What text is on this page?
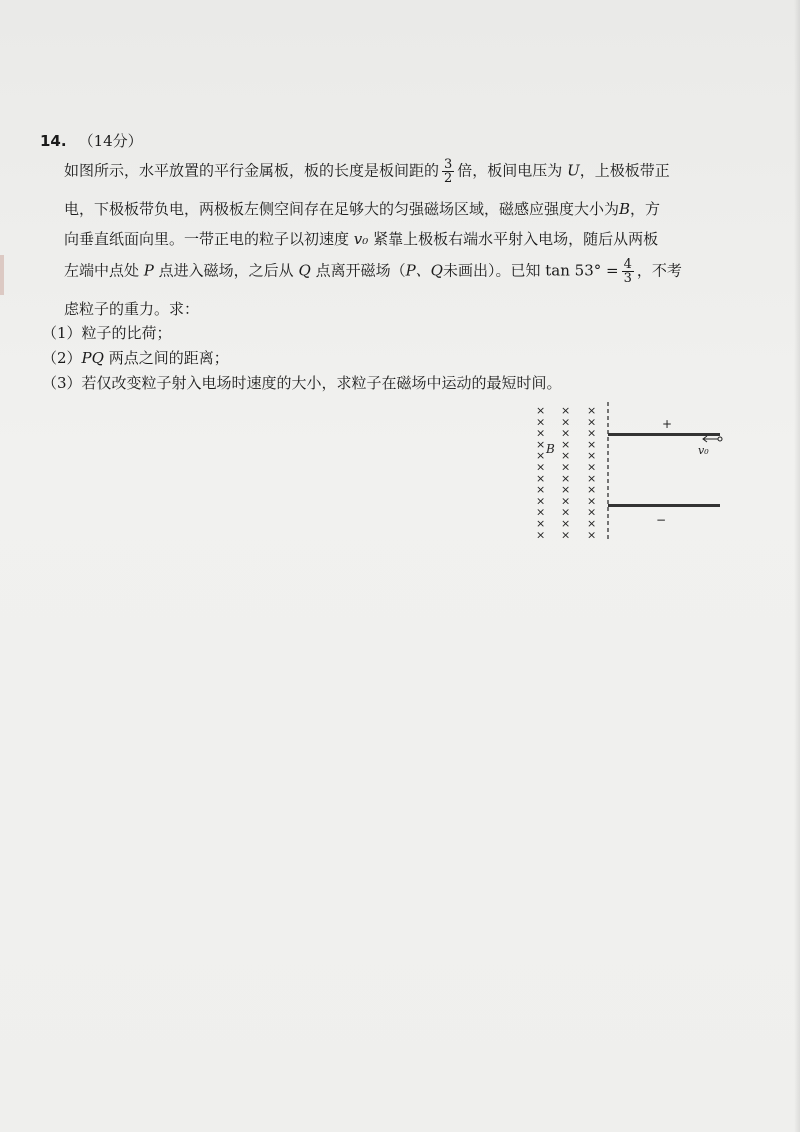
14. （14分）
如图所示，水平放置的平行金属板，板的长度是板间距的 $\frac{3}{2}$ 倍，板间电压为 U，上极板带正
电，下极板带负电，两极板左侧空间存在足够大的匀强磁场区域，磁感应强度大小为B，方
向垂直纸面向里。一带正电的粒子以初速度 v₀ 紧靠上极板右端水平射入电场，随后从两板
左端中点处 P 点进入磁场，之后从 Q 点离开磁场（P、Q未画出）。已知 $\tan 53^\circ = \frac{4}{3}$ ，不考
虑粒子的重力。求：
（1）粒子的比荷；
（2）PQ 两点之间的距离；
（3）若仅改变粒子射入电场时速度的大小，求粒子在磁场中运动的最短时间。
× × ×
× × ×
× × ×
× × ×
× × ×
× × ×
× × ×
× × ×
× × ×
× × ×
× × ×
× × ×
B
+
−
v₀
